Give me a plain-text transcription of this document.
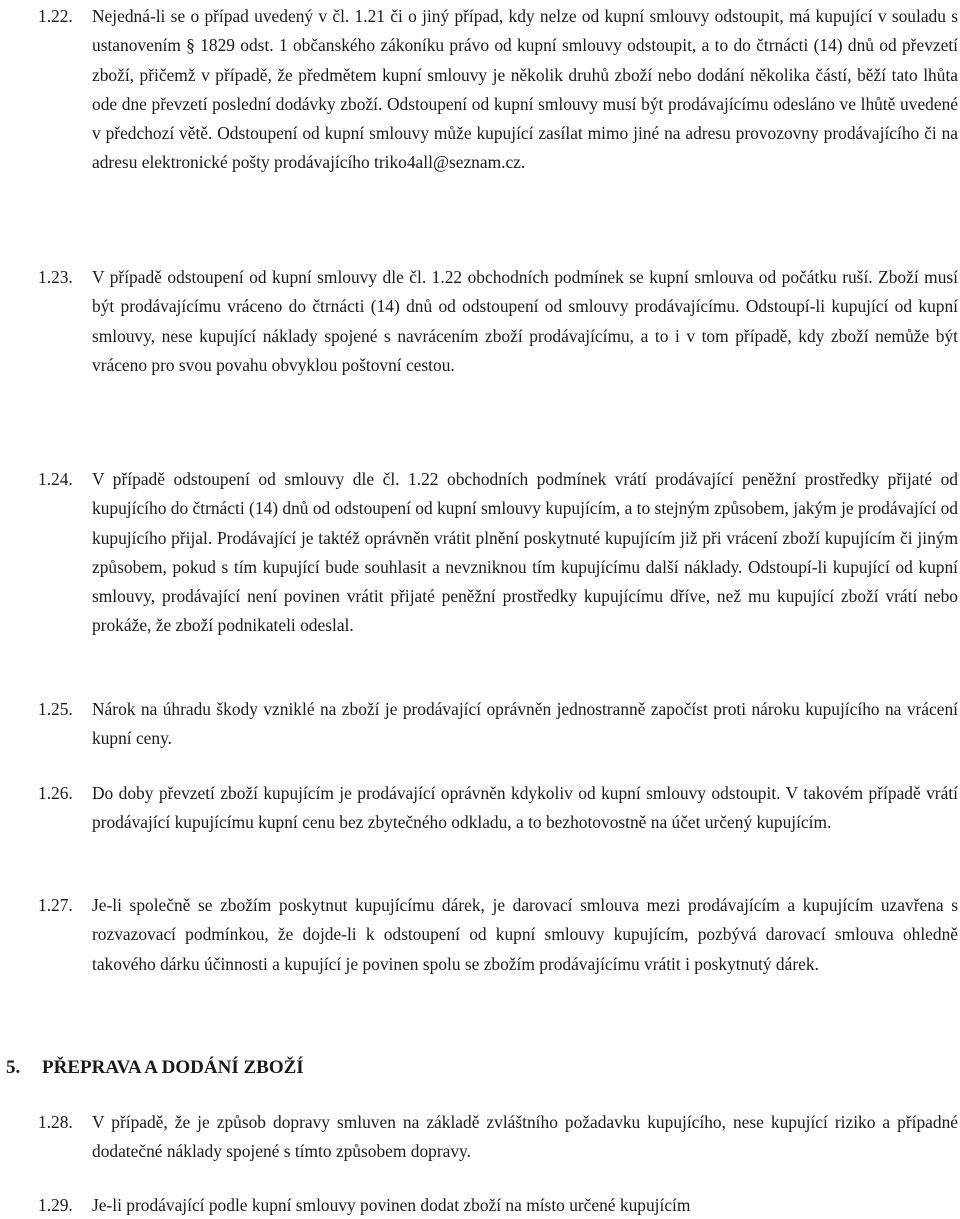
1.22.	Nejedná-li se o případ uvedený v čl. 1.21 či o jiný případ, kdy nelze od kupní smlouvy odstoupit, má kupující v souladu s ustanovením § 1829 odst. 1 občanského zákoníku právo od kupní smlouvy odstoupit, a to do čtrnácti (14) dnů od převzetí zboží, přičemž v případě, že předmětem kupní smlouvy je několik druhů zboží nebo dodání několika částí, běží tato lhůta ode dne převzetí poslední dodávky zboží. Odstoupení od kupní smlouvy musí být prodávajícímu odesláno ve lhůtě uvedené v předchozí větě. Odstoupení od kupní smlouvy může kupující zasílat mimo jiné na adresu provozovny prodávajícího či na adresu elektronické pošty prodávajícího triko4all@seznam.cz.
1.23.	V případě odstoupení od kupní smlouvy dle čl. 1.22 obchodních podmínek se kupní smlouva od počátku ruší. Zboží musí být prodávajícímu vráceno do čtrnácti (14) dnů od odstoupení od smlouvy prodávajícímu. Odstoupí-li kupující od kupní smlouvy, nese kupující náklady spojené s navrácením zboží prodávajícímu, a to i v tom případě, kdy zboží nemůže být vráceno pro svou povahu obvyklou poštovní cestou.
1.24.	V případě odstoupení od smlouvy dle čl. 1.22 obchodních podmínek vrátí prodávající peněžní prostředky přijaté od kupujícího do čtrnácti (14) dnů od odstoupení od kupní smlouvy kupujícím, a to stejným způsobem, jakým je prodávající od kupujícího přijal. Prodávající je taktéž oprávněn vrátit plnění poskytnuté kupujícím již při vrácení zboží kupujícím či jiným způsobem, pokud s tím kupující bude souhlasit a nevzniknou tím kupujícímu další náklady. Odstoupí-li kupující od kupní smlouvy, prodávající není povinen vrátit přijaté peněžní prostředky kupujícímu dříve, než mu kupující zboží vrátí nebo prokáže, že zboží podnikateli odeslal.
1.25.	Nárok na úhradu škody vzniklé na zboží je prodávající oprávněn jednostranně započíst proti nároku kupujícího na vrácení kupní ceny.
1.26.	Do doby převzetí zboží kupujícím je prodávající oprávněn kdykoliv od kupní smlouvy odstoupit. V takovém případě vrátí prodávající kupujícímu kupní cenu bez zbytečného odkladu, a to bezhotovostně na účet určený kupujícím.
1.27.	Je-li společně se zbožím poskytnut kupujícímu dárek, je darovací smlouva mezi prodávajícím a kupujícím uzavřena s rozvazovací podmínkou, že dojde-li k odstoupení od kupní smlouvy kupujícím, pozbývá darovací smlouva ohledně takového dárku účinnosti a kupující je povinen spolu se zbožím prodávajícímu vrátit i poskytnutý dárek.
5.	PŘEPRAVA A DODÁNÍ ZBOŽÍ
1.28.	V případě, že je způsob dopravy smluven na základě zvláštního požadavku kupujícího, nese kupující riziko a případné dodatečné náklady spojené s tímto způsobem dopravy.
1.29.	Je-li prodávající podle kupní smlouvy povinen dodat zboží na místo určené kupujícím
